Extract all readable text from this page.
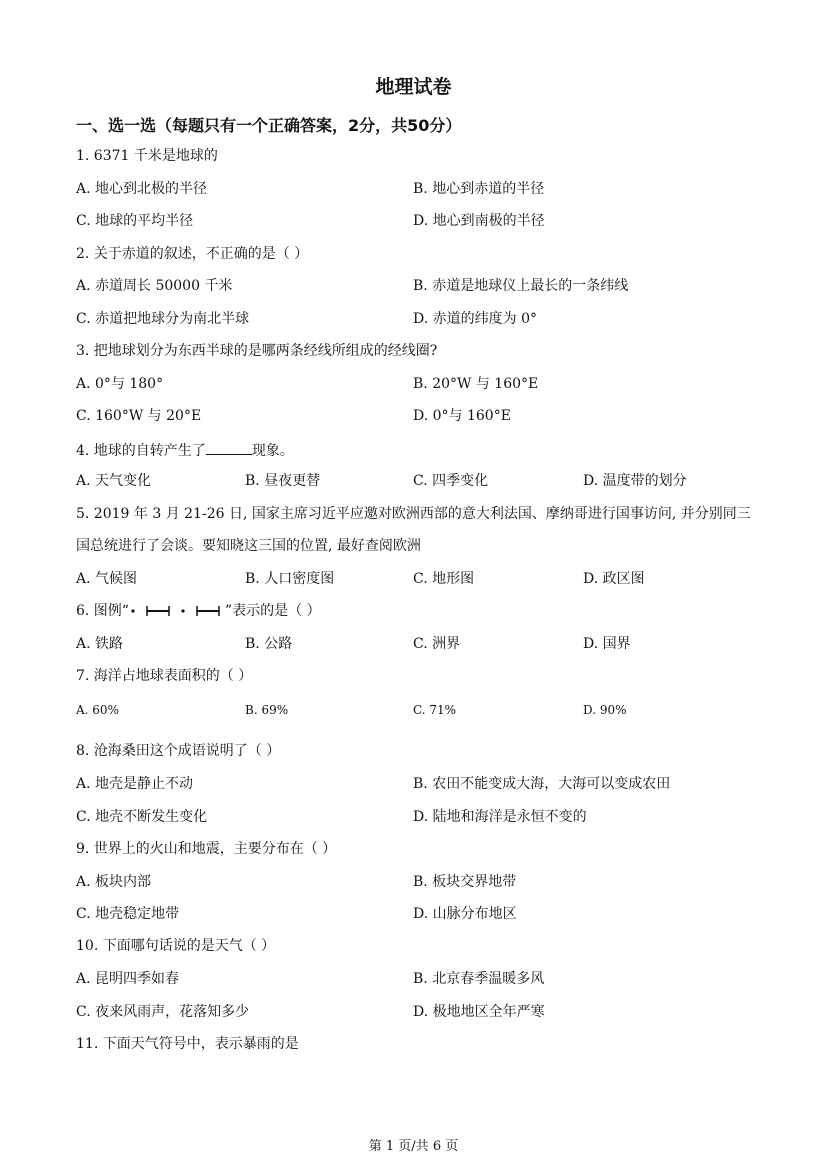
地理试卷
一、选一选（每题只有一个正确答案，2分，共50分）
1. 6371 千米是地球的
A. 地心到北极的半径	B. 地心到赤道的半径
C. 地球的平均半径	D. 地心到南极的半径
2. 关于赤道的叙述，不正确的是（ ）
A. 赤道周长 50000 千米	B. 赤道是地球仪上最长的一条纬线
C. 赤道把地球分为南北半球	D. 赤道的纬度为 0°
3. 把地球划分为东西半球的是哪两条经线所组成的经线圈?
A. 0°与 180°	B. 20°W 与 160°E
C. 160°W 与 20°E	D. 0°与 160°E
4. 地球的自转产生了	现象。
A. 天气变化	B. 昼夜更替	C. 四季变化	D. 温度带的划分
5. 2019 年 3 月 21-26 日, 国家主席习近平应邀对欧洲西部的意大利法国、摩纳哥进行国事访问, 并分别同三
国总统进行了会谈。要知晓这三国的位置, 最好查阅欧洲
A. 气候图	B. 人口密度图	C. 地形图	D. 政区图
6. 图例“	”表示的是（ ）
A. 铁路	B. 公路	C. 洲界	D. 国界
7. 海洋占地球表面积的（ ）
A. 60%	B. 69%	C. 71%	D. 90%
8. 沧海桑田这个成语说明了（ ）
A. 地壳是静止不动	B. 农田不能变成大海，大海可以变成农田
C. 地壳不断发生变化	D. 陆地和海洋是永恒不变的
9. 世界上的火山和地震，主要分布在（ ）
A. 板块内部	B. 板块交界地带
C. 地壳稳定地带	D. 山脉分布地区
10. 下面哪句话说的是天气（ ）
A. 昆明四季如春	B. 北京春季温暖多风
C. 夜来风雨声，花落知多少	D. 极地地区全年严寒
11. 下面天气符号中，表示暴雨的是
第 1 页/共 6 页
